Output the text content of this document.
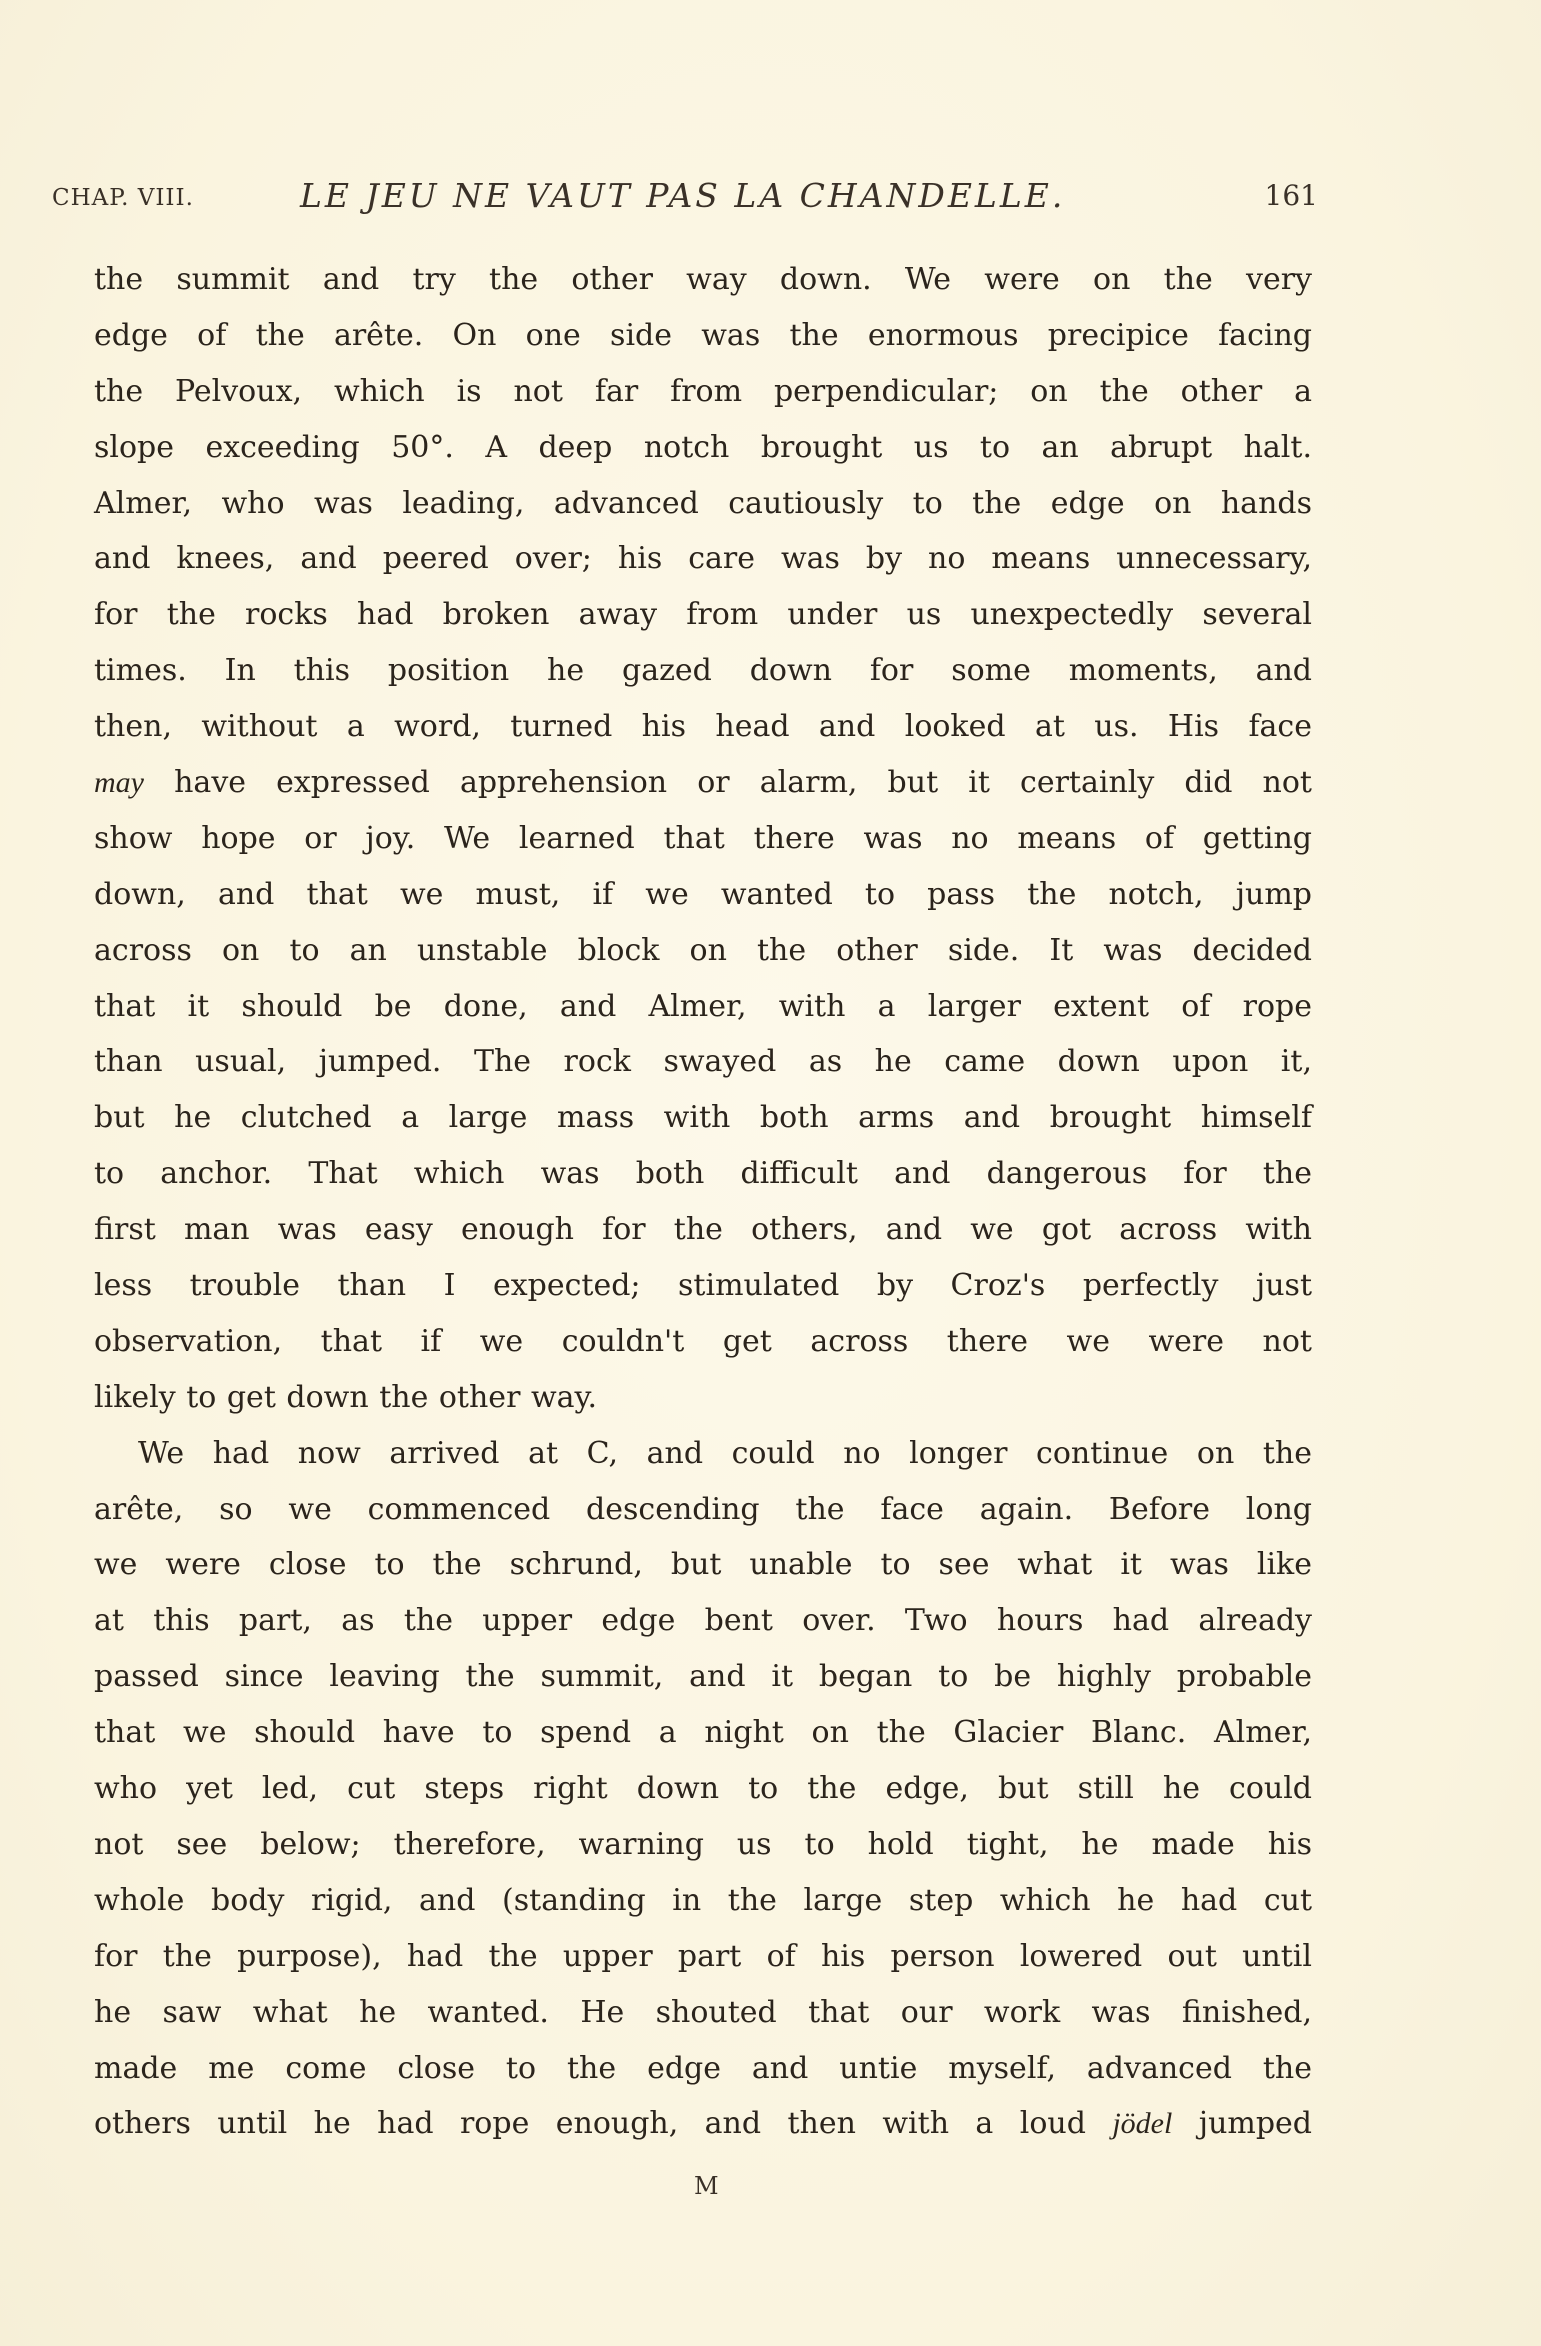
CHAP. VIII.	LE JEU NE VAUT PAS LA CHANDELLE.	161
the summit and try the other way down. We were on the very
edge of the arête. On one side was the enormous precipice facing
the Pelvoux, which is not far from perpendicular; on the other a
slope exceeding 50°. A deep notch brought us to an abrupt halt.
Almer, who was leading, advanced cautiously to the edge on hands
and knees, and peered over; his care was by no means unnecessary,
for the rocks had broken away from under us unexpectedly several
times. In this position he gazed down for some moments, and
then, without a word, turned his head and looked at us. His face
may have expressed apprehension or alarm, but it certainly did not
show hope or joy. We learned that there was no means of getting
down, and that we must, if we wanted to pass the notch, jump
across on to an unstable block on the other side. It was decided
that it should be done, and Almer, with a larger extent of rope
than usual, jumped. The rock swayed as he came down upon it,
but he clutched a large mass with both arms and brought himself
to anchor. That which was both difficult and dangerous for the
first man was easy enough for the others, and we got across with
less trouble than I expected; stimulated by Croz's perfectly just
observation, that if we couldn't get across there we were not
likely to get down the other way.
We had now arrived at C, and could no longer continue on the
arête, so we commenced descending the face again. Before long
we were close to the schrund, but unable to see what it was like
at this part, as the upper edge bent over. Two hours had already
passed since leaving the summit, and it began to be highly probable
that we should have to spend a night on the Glacier Blanc. Almer,
who yet led, cut steps right down to the edge, but still he could
not see below; therefore, warning us to hold tight, he made his
whole body rigid, and (standing in the large step which he had cut
for the purpose), had the upper part of his person lowered out until
he saw what he wanted. He shouted that our work was finished,
made me come close to the edge and untie myself, advanced the
others until he had rope enough, and then with a loud jödel jumped
M
